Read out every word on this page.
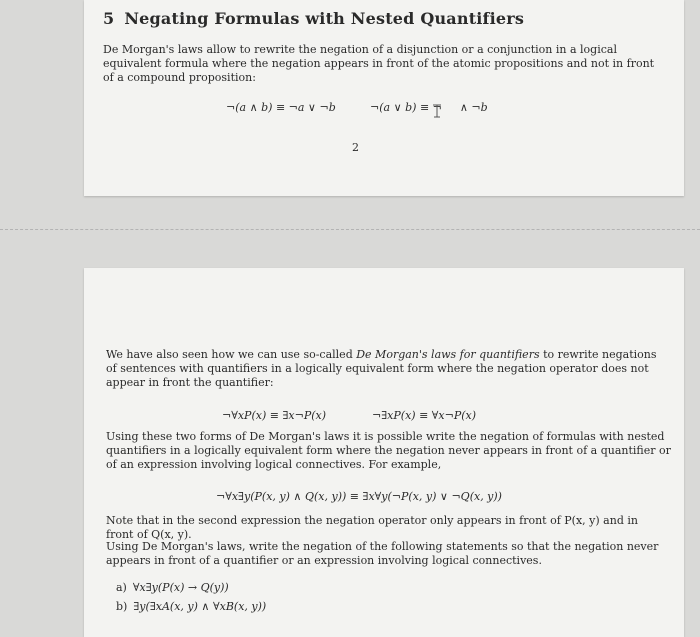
5 Negating Formulas with Nested Quantifiers
De Morgan's laws allow to rewrite the negation of a disjunction or a conjunction in a logical
equivalent formula where the negation appears in front of the atomic propositions and not in front
of a compound proposition:
¬(a ∧ b) ≡ ¬a ∨ ¬b	¬(a ∨ b) ≡ ¬ ∧ ¬b
2
We have also seen how we can use so-called De Morgan's laws for quantifiers to rewrite negations
of sentences with quantifiers in a logically equivalent form where the negation operator does not
appear in front the quantifier:
¬∀xP(x) ≡ ∃x¬P(x)	¬∃xP(x) ≡ ∀x¬P(x)
Using these two forms of De Morgan's laws it is possible write the negation of formulas with nested
quantifiers in a logically equivalent form where the negation never appears in front of a quantifier or
of an expression involving logical connectives. For example,
¬∀x∃y(P(x, y) ∧ Q(x, y)) ≡ ∃x∀y(¬P(x, y) ∨ ¬Q(x, y))
Note that in the second expression the negation operator only appears in front of P(x, y) and in
front of Q(x, y).
Using De Morgan's laws, write the negation of the following statements so that the negation never
appears in front of a quantifier or an expression involving logical connectives.
a) ∀x∃y(P(x) → Q(y))
b) ∃y(∃xA(x, y) ∧ ∀xB(x, y))
